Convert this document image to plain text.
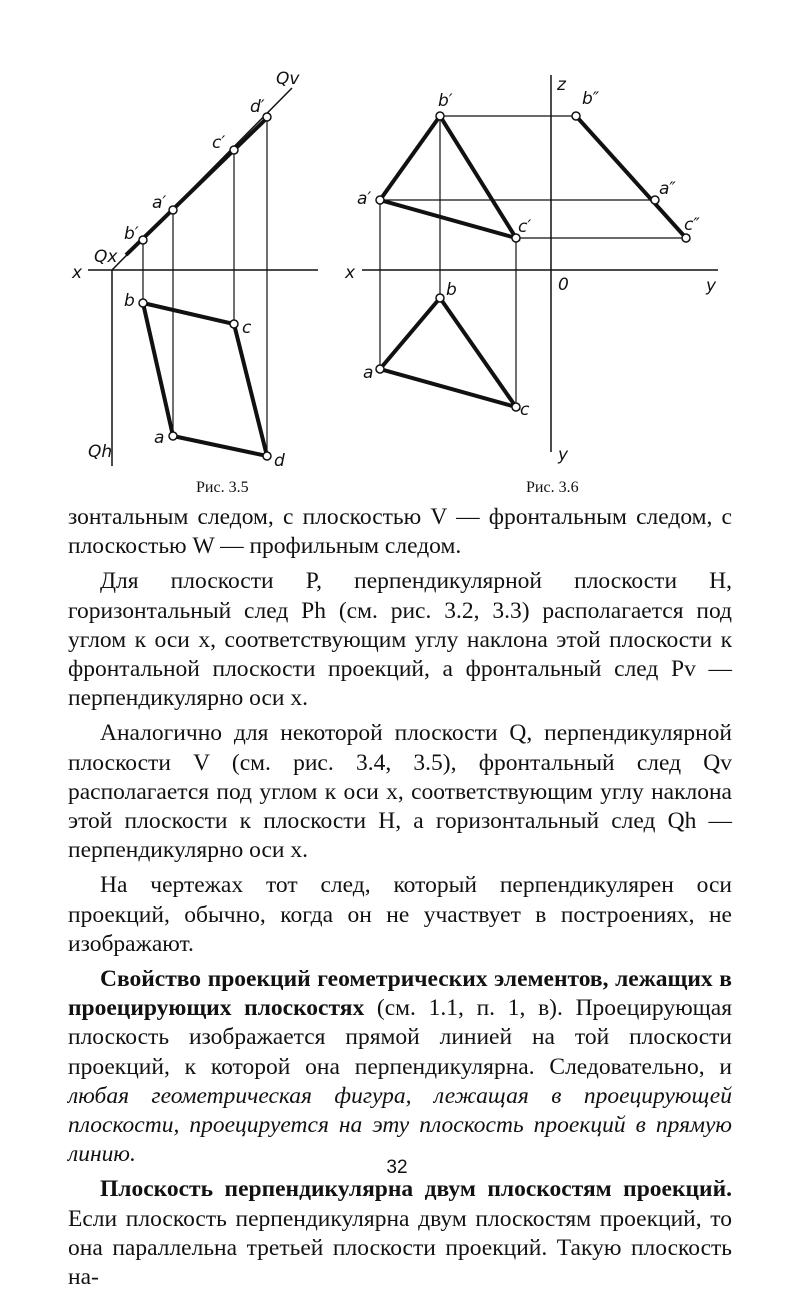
Qv
d′
c′
a′
b′
Qx
x
b
c
a
Qh	d
Рис. 3.5
b′
z
b″
a′	a″
c′	c″
x
0	y
b
a
c
y
Рис. 3.6

зонтальным следом, с плоскостью V — фронтальным следом, с плоскостью W — профильным следом.

Для плоскости P, перпендикулярной плоскости H, горизонтальный след Ph (см. рис. 3.2, 3.3) располагается под углом к оси x, соответствующим углу наклона этой плоскости к фронтальной плоскости проекций, а фронтальный след Pv — перпендикулярно оси x.

Аналогично для некоторой плоскости Q, перпендикулярной плоскости V (см. рис. 3.4, 3.5), фронтальный след Qv располагается под углом к оси x, соответствующим углу наклона этой плоскости к плоскости H, а горизонтальный след Qh — перпендикулярно оси x.

На чертежах тот след, который перпендикулярен оси проекций, обычно, когда он не участвует в построениях, не изображают.

Свойство проекций геометрических элементов, лежащих в проецирующих плоскостях (см. 1.1, п. 1, в). Проецирующая плоскость изображается прямой линией на той плоскости проекций, к которой она перпендикулярна. Следовательно, и любая геометрическая фигура, лежащая в проецирующей плоскости, проецируется на эту плоскость проекций в прямую линию.

Плоскость перпендикулярна двум плоскостям проекций. Если плоскость перпендикулярна двум плоскостям проекций, то она параллельна третьей плоскости проекций. Такую плоскость на-

32
